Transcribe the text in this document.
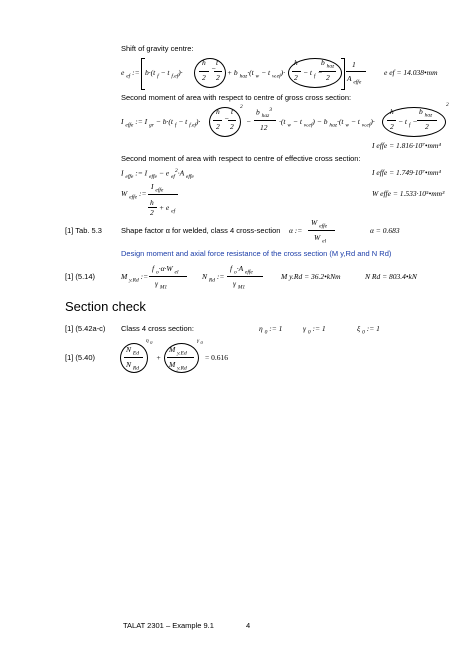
Shift of gravity centre:
e $_{ef}$ := b·(t $_f$ − t $_{f.ef}$)·
h
2
−
t
2
+ b $_{haz}$·(t $_w$ − t $_{w.ef}$)·
h
2
− t $_f$ −
b $_{haz}$
2
1
A $_{effe}$
e ef = 14.038•mm
Second moment of area with respect to centre of gross cross section:
I $_{effe}$ := I $_{gr}$ − b·(t $_f$ − t $_{f.ef}$)·
h
2
−
t
2
2
−
b $_{haz}^3$
12
·(t $_w$ − t $_{w.ef}$) − b $_{haz}$·(t $_w$ − t $_{w.ef}$)·
h
2
− t $_f$ −
b $_{haz}$
2
2
I effe = 1.816·10⁷•mm⁴
Second moment of area with respect to centre of effective cross section:
I $_{effe}$ := I $_{effe}$ − e $_{ef}^2$·A $_{effe}$	I effe = 1.749·10⁷•mm⁴
W $_{effe}$ :=
I $_{effe}$
h
2
+ e $_{ef}$
W effe = 1.533·10⁵•mm³
[1] Tab. 5.3	Shape factor α for welded, class 4 cross-section α :=
W $_{effe}$
W $_{el}$
α = 0.683
Design moment and axial force resistance of the cross section (M y,Rd and N Rd)
[1] (5.14)	M $_{y.Rd}$ :=
f $_o$·α·W $_{el}$
γ $_{M1}$
N $_{Rd}$ :=
f $_o$·A $_{effe}$
γ $_{M1}$
M y.Rd = 36.2•kNm	N Rd = 803.4•kN
Section check
[1] (5.42a-c) Class 4 cross section:	η $_0$ := 1	γ $_0$ := 1	ξ $_0$ := 1
[1] (5.40)
N $_{Ed}$
N $_{Rd}$
η $_0$
+
M $_{y.Ed}$
M $_{y.Rd}$
γ $_0$
= 0.616
TALAT 2301 – Example 9.1	4
